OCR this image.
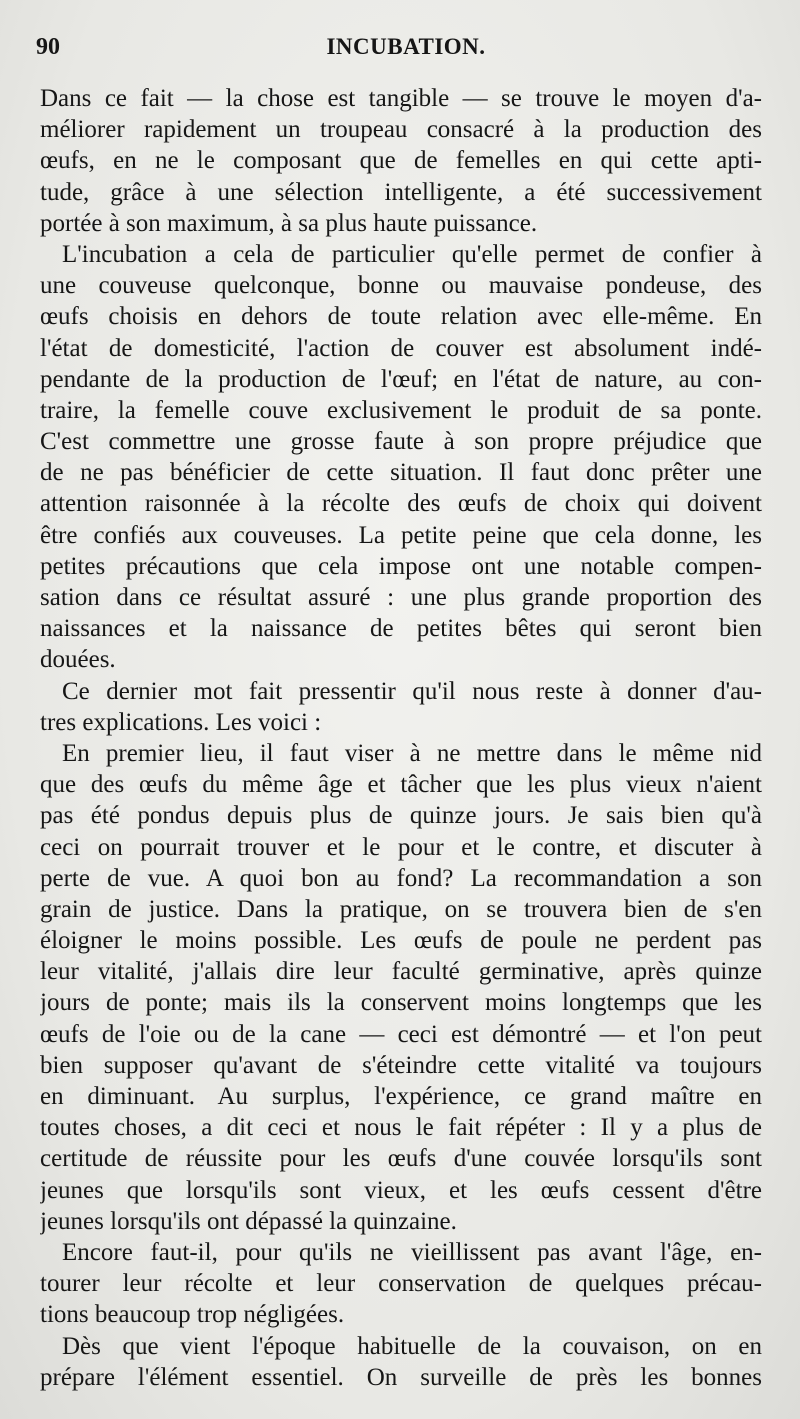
90	INCUBATION.
Dans ce fait — la chose est tangible — se trouve le moyen d'a-
méliorer rapidement un troupeau consacré à la production des
œufs, en ne le composant que de femelles en qui cette apti-
tude, grâce à une sélection intelligente, a été successivement
portée à son maximum, à sa plus haute puissance.
L'incubation a cela de particulier qu'elle permet de confier à
une couveuse quelconque, bonne ou mauvaise pondeuse, des
œufs choisis en dehors de toute relation avec elle-même. En
l'état de domesticité, l'action de couver est absolument indé-
pendante de la production de l'œuf; en l'état de nature, au con-
traire, la femelle couve exclusivement le produit de sa ponte.
C'est commettre une grosse faute à son propre préjudice que
de ne pas bénéficier de cette situation. Il faut donc prêter une
attention raisonnée à la récolte des œufs de choix qui doivent
être confiés aux couveuses. La petite peine que cela donne, les
petites précautions que cela impose ont une notable compen-
sation dans ce résultat assuré : une plus grande proportion des
naissances et la naissance de petites bêtes qui seront bien
douées.
Ce dernier mot fait pressentir qu'il nous reste à donner d'au-
tres explications. Les voici :
En premier lieu, il faut viser à ne mettre dans le même nid
que des œufs du même âge et tâcher que les plus vieux n'aient
pas été pondus depuis plus de quinze jours. Je sais bien qu'à
ceci on pourrait trouver et le pour et le contre, et discuter à
perte de vue. A quoi bon au fond? La recommandation a son
grain de justice. Dans la pratique, on se trouvera bien de s'en
éloigner le moins possible. Les œufs de poule ne perdent pas
leur vitalité, j'allais dire leur faculté germinative, après quinze
jours de ponte; mais ils la conservent moins longtemps que les
œufs de l'oie ou de la cane — ceci est démontré — et l'on peut
bien supposer qu'avant de s'éteindre cette vitalité va toujours
en diminuant. Au surplus, l'expérience, ce grand maître en
toutes choses, a dit ceci et nous le fait répéter : Il y a plus de
certitude de réussite pour les œufs d'une couvée lorsqu'ils sont
jeunes que lorsqu'ils sont vieux, et les œufs cessent d'être
jeunes lorsqu'ils ont dépassé la quinzaine.
Encore faut-il, pour qu'ils ne vieillissent pas avant l'âge, en-
tourer leur récolte et leur conservation de quelques précau-
tions beaucoup trop négligées.
Dès que vient l'époque habituelle de la couvaison, on en
prépare l'élément essentiel. On surveille de près les bonnes
